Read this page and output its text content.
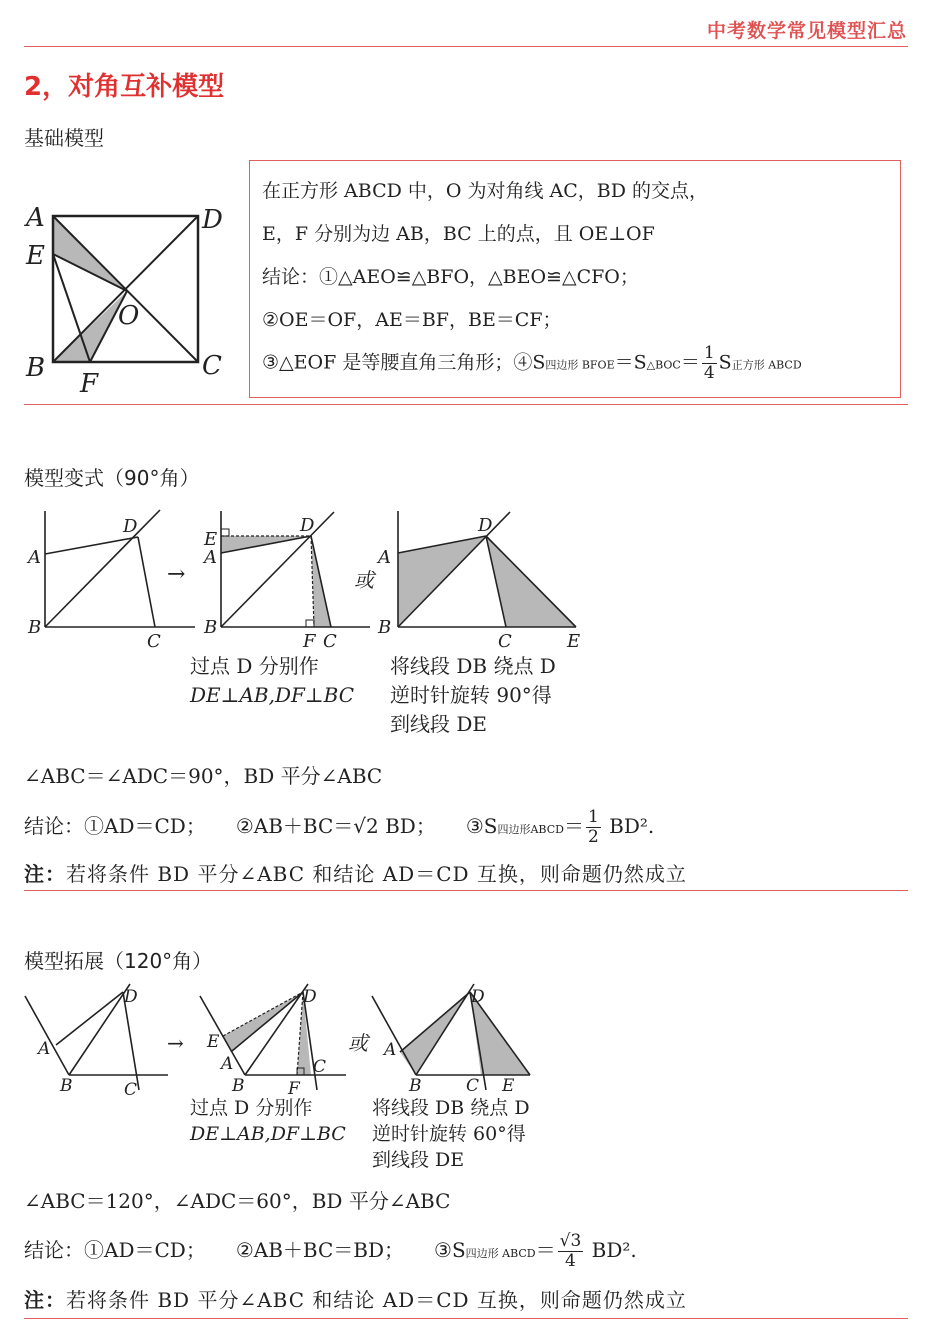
中考数学常见模型汇总
2，对角互补模型
基础模型
A	D
E
O
B	C
F
在正方形 ABCD 中，O 为对角线 AC，BD 的交点，
E，F 分别为边 AB，BC 上的点，且 OE⊥OF
结论：①△AEO≌△BFO，△BEO≌△CFO；
②OE＝OF，AE＝BF，BE＝CF；
③△EOF 是等腰直角三角形；④S四边形 BFOE＝S△BOC＝ $\frac{1}{4}$ S正方形 ABCD
模型变式（90°角）
A
D
B
C
→
E
A
D
B
F C
或
A
D
B
C	E
过点 D 分别作
DE⊥AB,DF⊥BC
将线段 DB 绕点 D
逆时针旋转 90°得
到线段 DE
∠ABC＝∠ADC＝90°，BD 平分∠ABC
结论：①AD＝CD； ②AB＋BC＝√2 BD； ③S四边形ABCD＝ $\frac{1}{2} BD^2$.
注：若将条件 BD 平分∠ABC 和结论 AD＝CD 互换，则命题仍然成立
模型拓展（120°角）
A
D
B	C
→ E
A
D
B	F
C
或 A
D
B	C E
过点 D 分别作
DE⊥AB,DF⊥BC
将线段 DB 绕点 D
逆时针旋转 60°得
到线段 DE
∠ABC＝120°，∠ADC＝60°，BD 平分∠ABC
结论：①AD＝CD； ②AB＋BC＝BD； ③S四边形 ABCD＝ $\frac{√3}{4} BD^2$.
注：若将条件 BD 平分∠ABC 和结论 AD＝CD 互换，则命题仍然成立
